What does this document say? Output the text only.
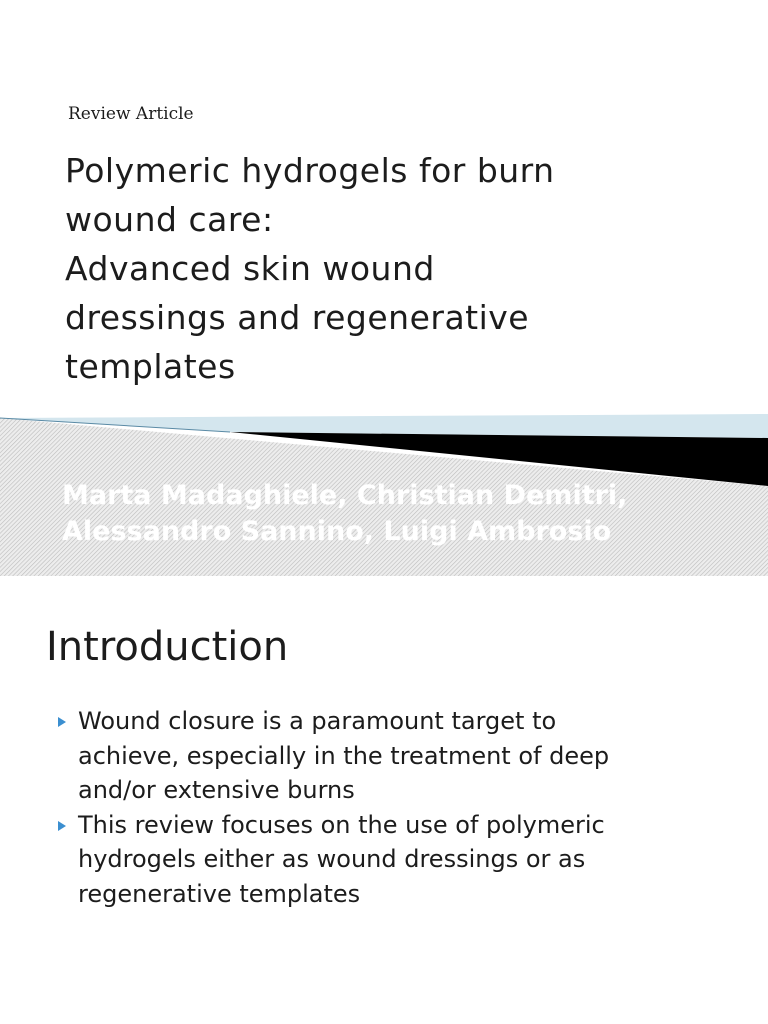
Review Article
Polymeric hydrogels for burn
wound care:
Advanced skin wound
dressings and regenerative
templates
Marta Madaghiele, Christian Demitri,
Alessandro Sannino, Luigi Ambrosio
Introduction
Wound closure is a paramount target to
achieve, especially in the treatment of deep
and/or extensive burns
This review focuses on the use of polymeric
hydrogels either as wound dressings or as
regenerative templates
